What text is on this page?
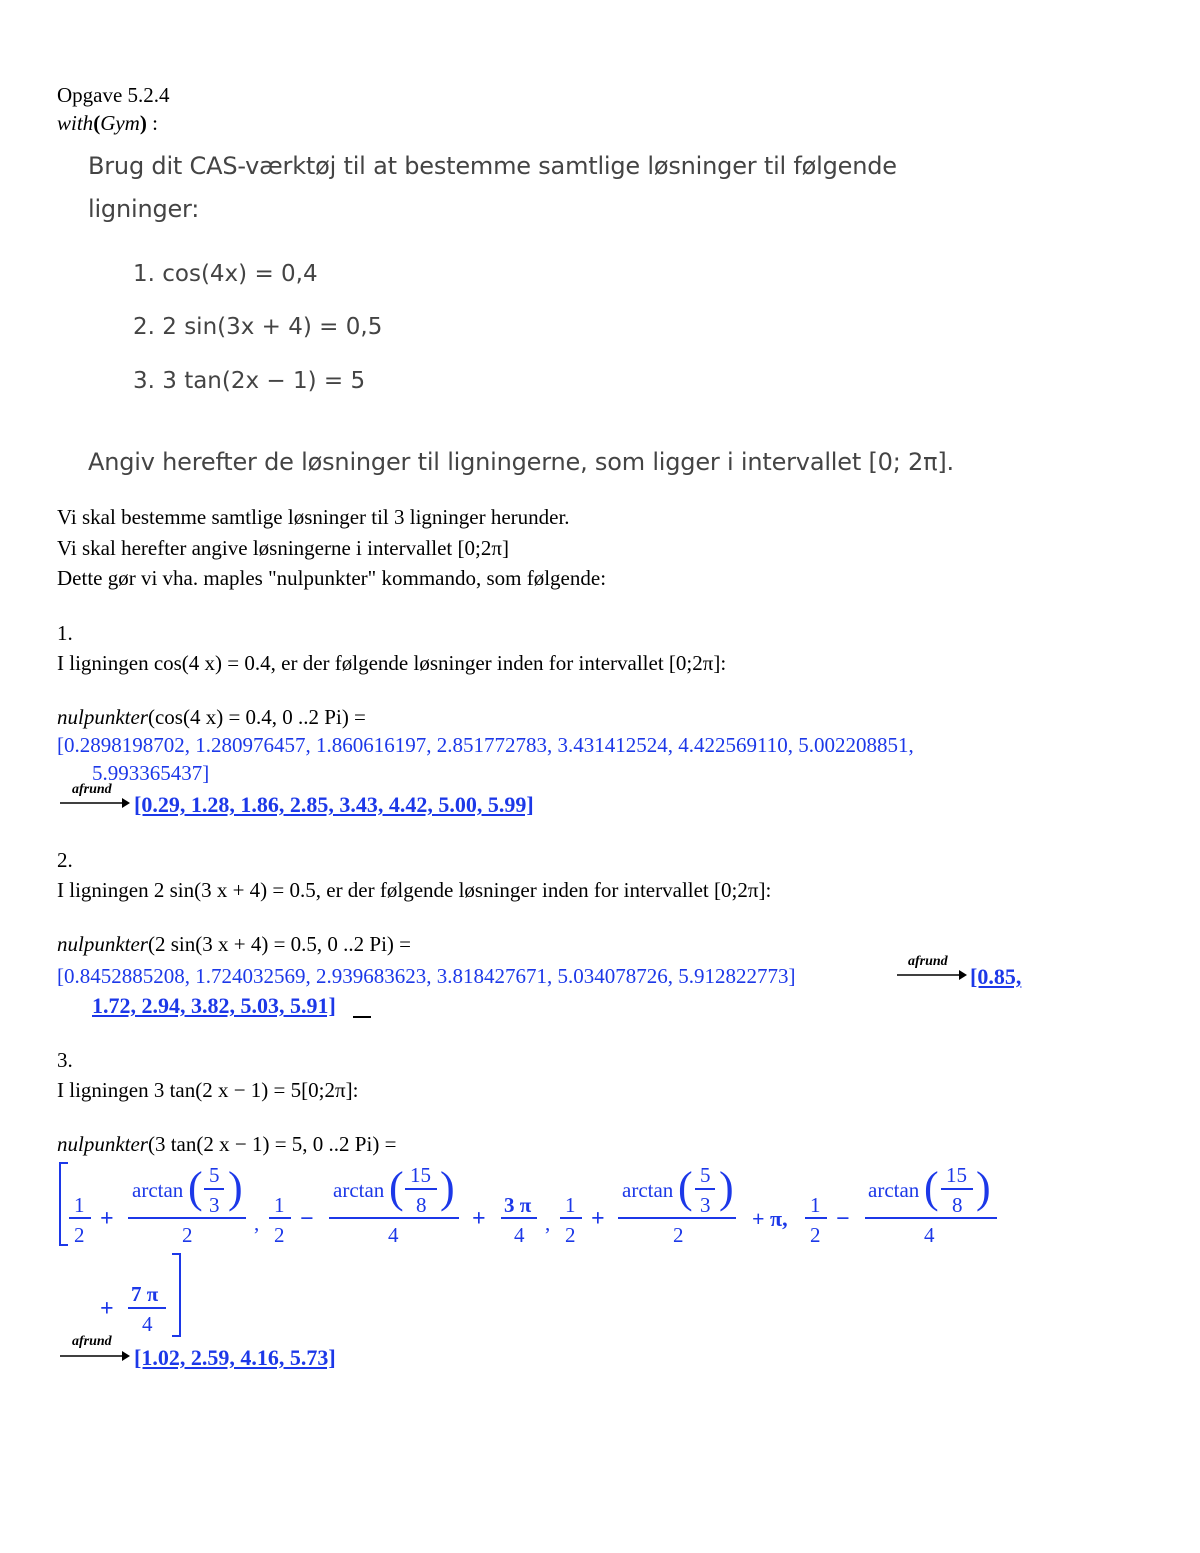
Opgave 5.2.4
with(Gym) :
Brug dit CAS-værktøj til at bestemme samtlige løsninger til følgende
ligninger:
1. cos(4x) = 0,4
2. 2 sin(3x + 4) = 0,5
3. 3 tan(2x − 1) = 5
Angiv herefter de løsninger til ligningerne, som ligger i intervallet [0; 2π].
Vi skal bestemme samtlige løsninger til 3 ligninger herunder.
Vi skal herefter angive løsningerne i intervallet [0;2π]
Dette gør vi vha. maples "nulpunkter" kommando, som følgende:
1.
I ligningen cos(4 x) = 0.4, er der følgende løsninger inden for intervallet [0;2π]:
nulpunkter(cos(4 x) = 0.4, 0 ..2 Pi) =
[0.2898198702, 1.280976457, 1.860616197, 2.851772783, 3.431412524, 4.422569110, 5.002208851,
5.993365437]
afrund
[0.29, 1.28, 1.86, 2.85, 3.43, 4.42, 5.00, 5.99]
2.
I ligningen 2 sin(3 x + 4) = 0.5, er der følgende løsninger inden for intervallet [0;2π]:
nulpunkter(2 sin(3 x + 4) = 0.5, 0 ..2 Pi) =
[0.8452885208, 1.724032569, 2.939683623, 3.818427671, 5.034078726, 5.912822773]
afrund
[0.85,
1.72, 2.94, 3.82, 5.03, 5.91]
3.
I ligningen 3 tan(2 x − 1) = 5[0;2π]:
nulpunkter(3 tan(2 x − 1) = 5, 0 ..2 Pi) =
1
2
+
arctan ( 5
3 )
2	,
1
2
−
arctan ( 15
8 )
4
+
3 π
4 ,
1
2
+
arctan ( 5
3 )
2
+ π,
1
2
−
arctan ( 15
8 )
4
+
7 π
4
afrund
[1.02, 2.59, 4.16, 5.73]
